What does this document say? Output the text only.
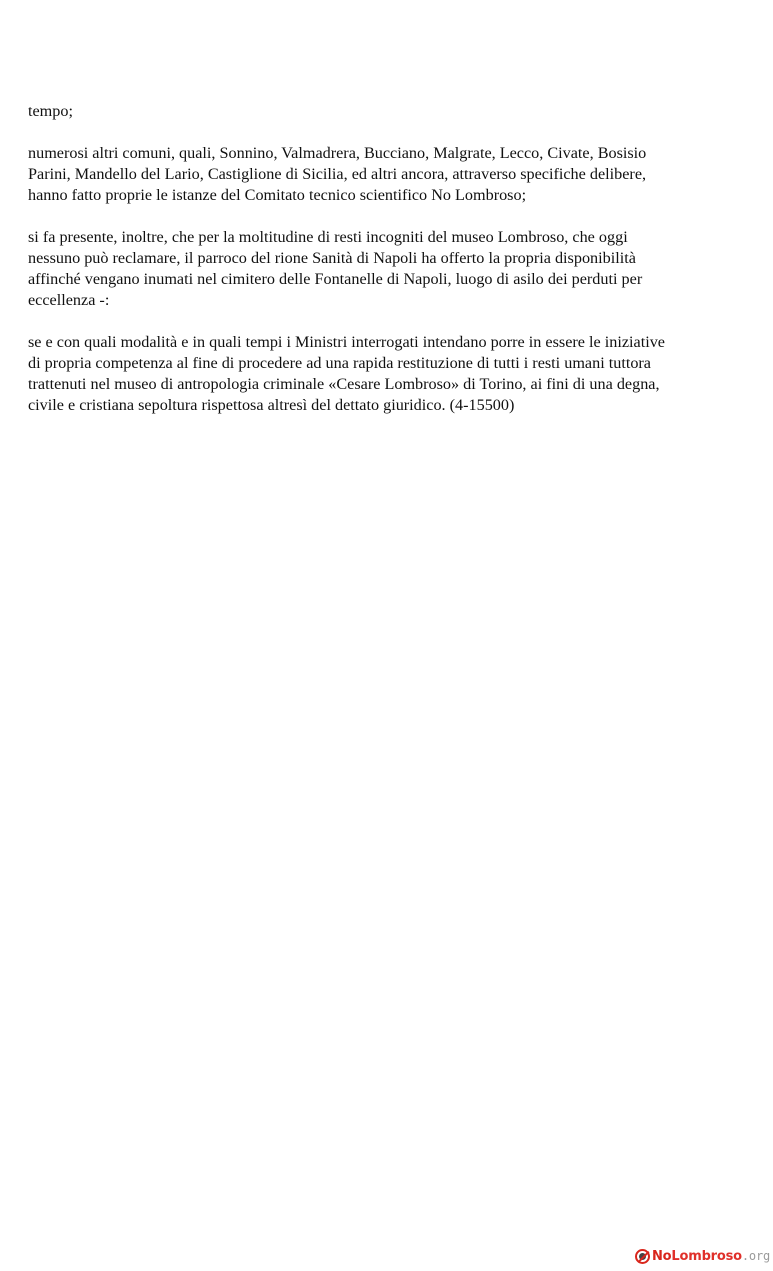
tempo;

numerosi altri comuni, quali, Sonnino, Valmadrera, Bucciano, Malgrate, Lecco, Civate, Bosisio
Parini, Mandello del Lario, Castiglione di Sicilia, ed altri ancora, attraverso specifiche delibere,
hanno fatto proprie le istanze del Comitato tecnico scientifico No Lombroso;

si fa presente, inoltre, che per la moltitudine di resti incogniti del museo Lombroso, che oggi
nessuno può reclamare, il parroco del rione Sanità di Napoli ha offerto la propria disponibilità
affinché vengano inumati nel cimitero delle Fontanelle di Napoli, luogo di asilo dei perduti per
eccellenza -:

se e con quali modalità e in quali tempi i Ministri interrogati intendano porre in essere le iniziative
di propria competenza al fine di procedere ad una rapida restituzione di tutti i resti umani tuttora
trattenuti nel museo di antropologia criminale «Cesare Lombroso» di Torino, ai fini di una degna,
civile e cristiana sepoltura rispettosa altresì del dettato giuridico. (4-15500)

NoLombroso.org
